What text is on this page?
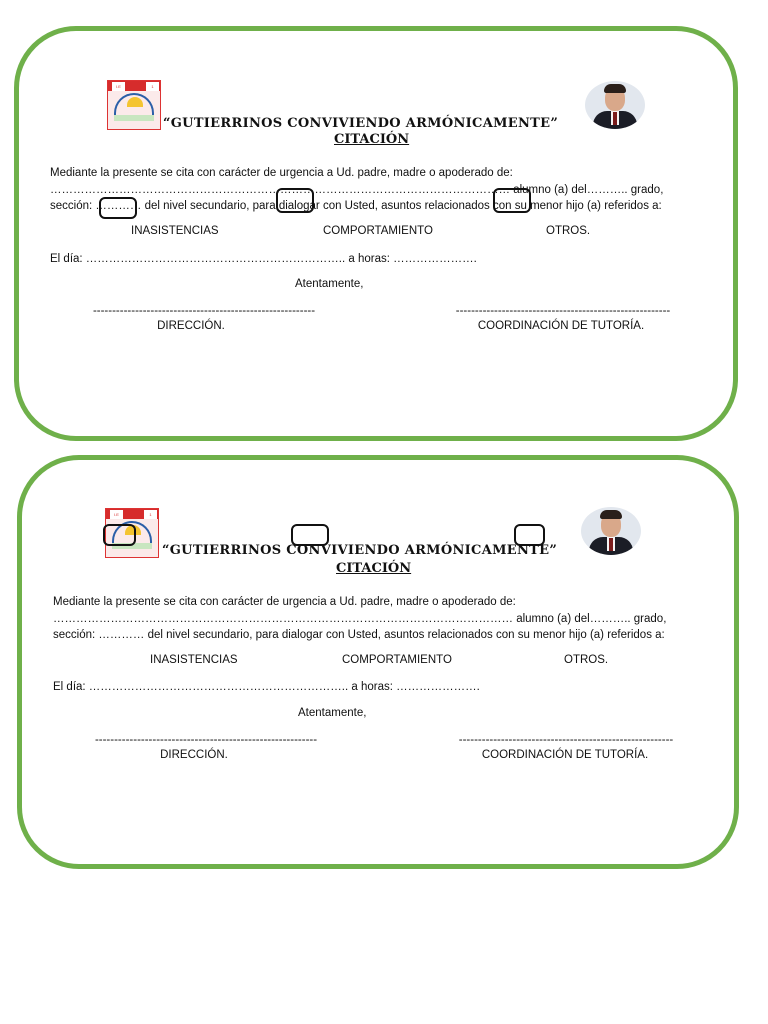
I.E	1
“GUTIERRINOS CONVIVIENDO ARMÓNICAMENTE”
CITACIÓN

Mediante la presente se cita con carácter de urgencia a Ud. padre, madre o apoderado de:

………………………………………………………………………………………………………… alumno (a) del……….. grado,

sección: ………… del nivel secundario, para dialogar con Usted, asuntos relacionados con su menor hijo (a) referidos a:

INASISTENCIAS	COMPORTAMIENTO	OTROS.
El día: ………………………………………………………….. a horas: ………………….
Atentamente,
----------------------------------------------------------	--------------------------------------------------------
DIRECCIÓN.	COORDINACIÓN DE TUTORÍA.
I.E	1
“GUTIERRINOS CONVIVIENDO ARMÓNICAMENTE”
CITACIÓN

Mediante la presente se cita con carácter de urgencia a Ud. padre, madre o apoderado de:

………………………………………………………………………………………………………… alumno (a) del……….. grado,

sección: ………… del nivel secundario, para dialogar con Usted, asuntos relacionados con su menor hijo (a) referidos a:

INASISTENCIAS	COMPORTAMIENTO	OTROS.
El día: ………………………………………………………….. a horas: ………………….
Atentamente,
----------------------------------------------------------	--------------------------------------------------------
DIRECCIÓN.	COORDINACIÓN DE TUTORÍA.
